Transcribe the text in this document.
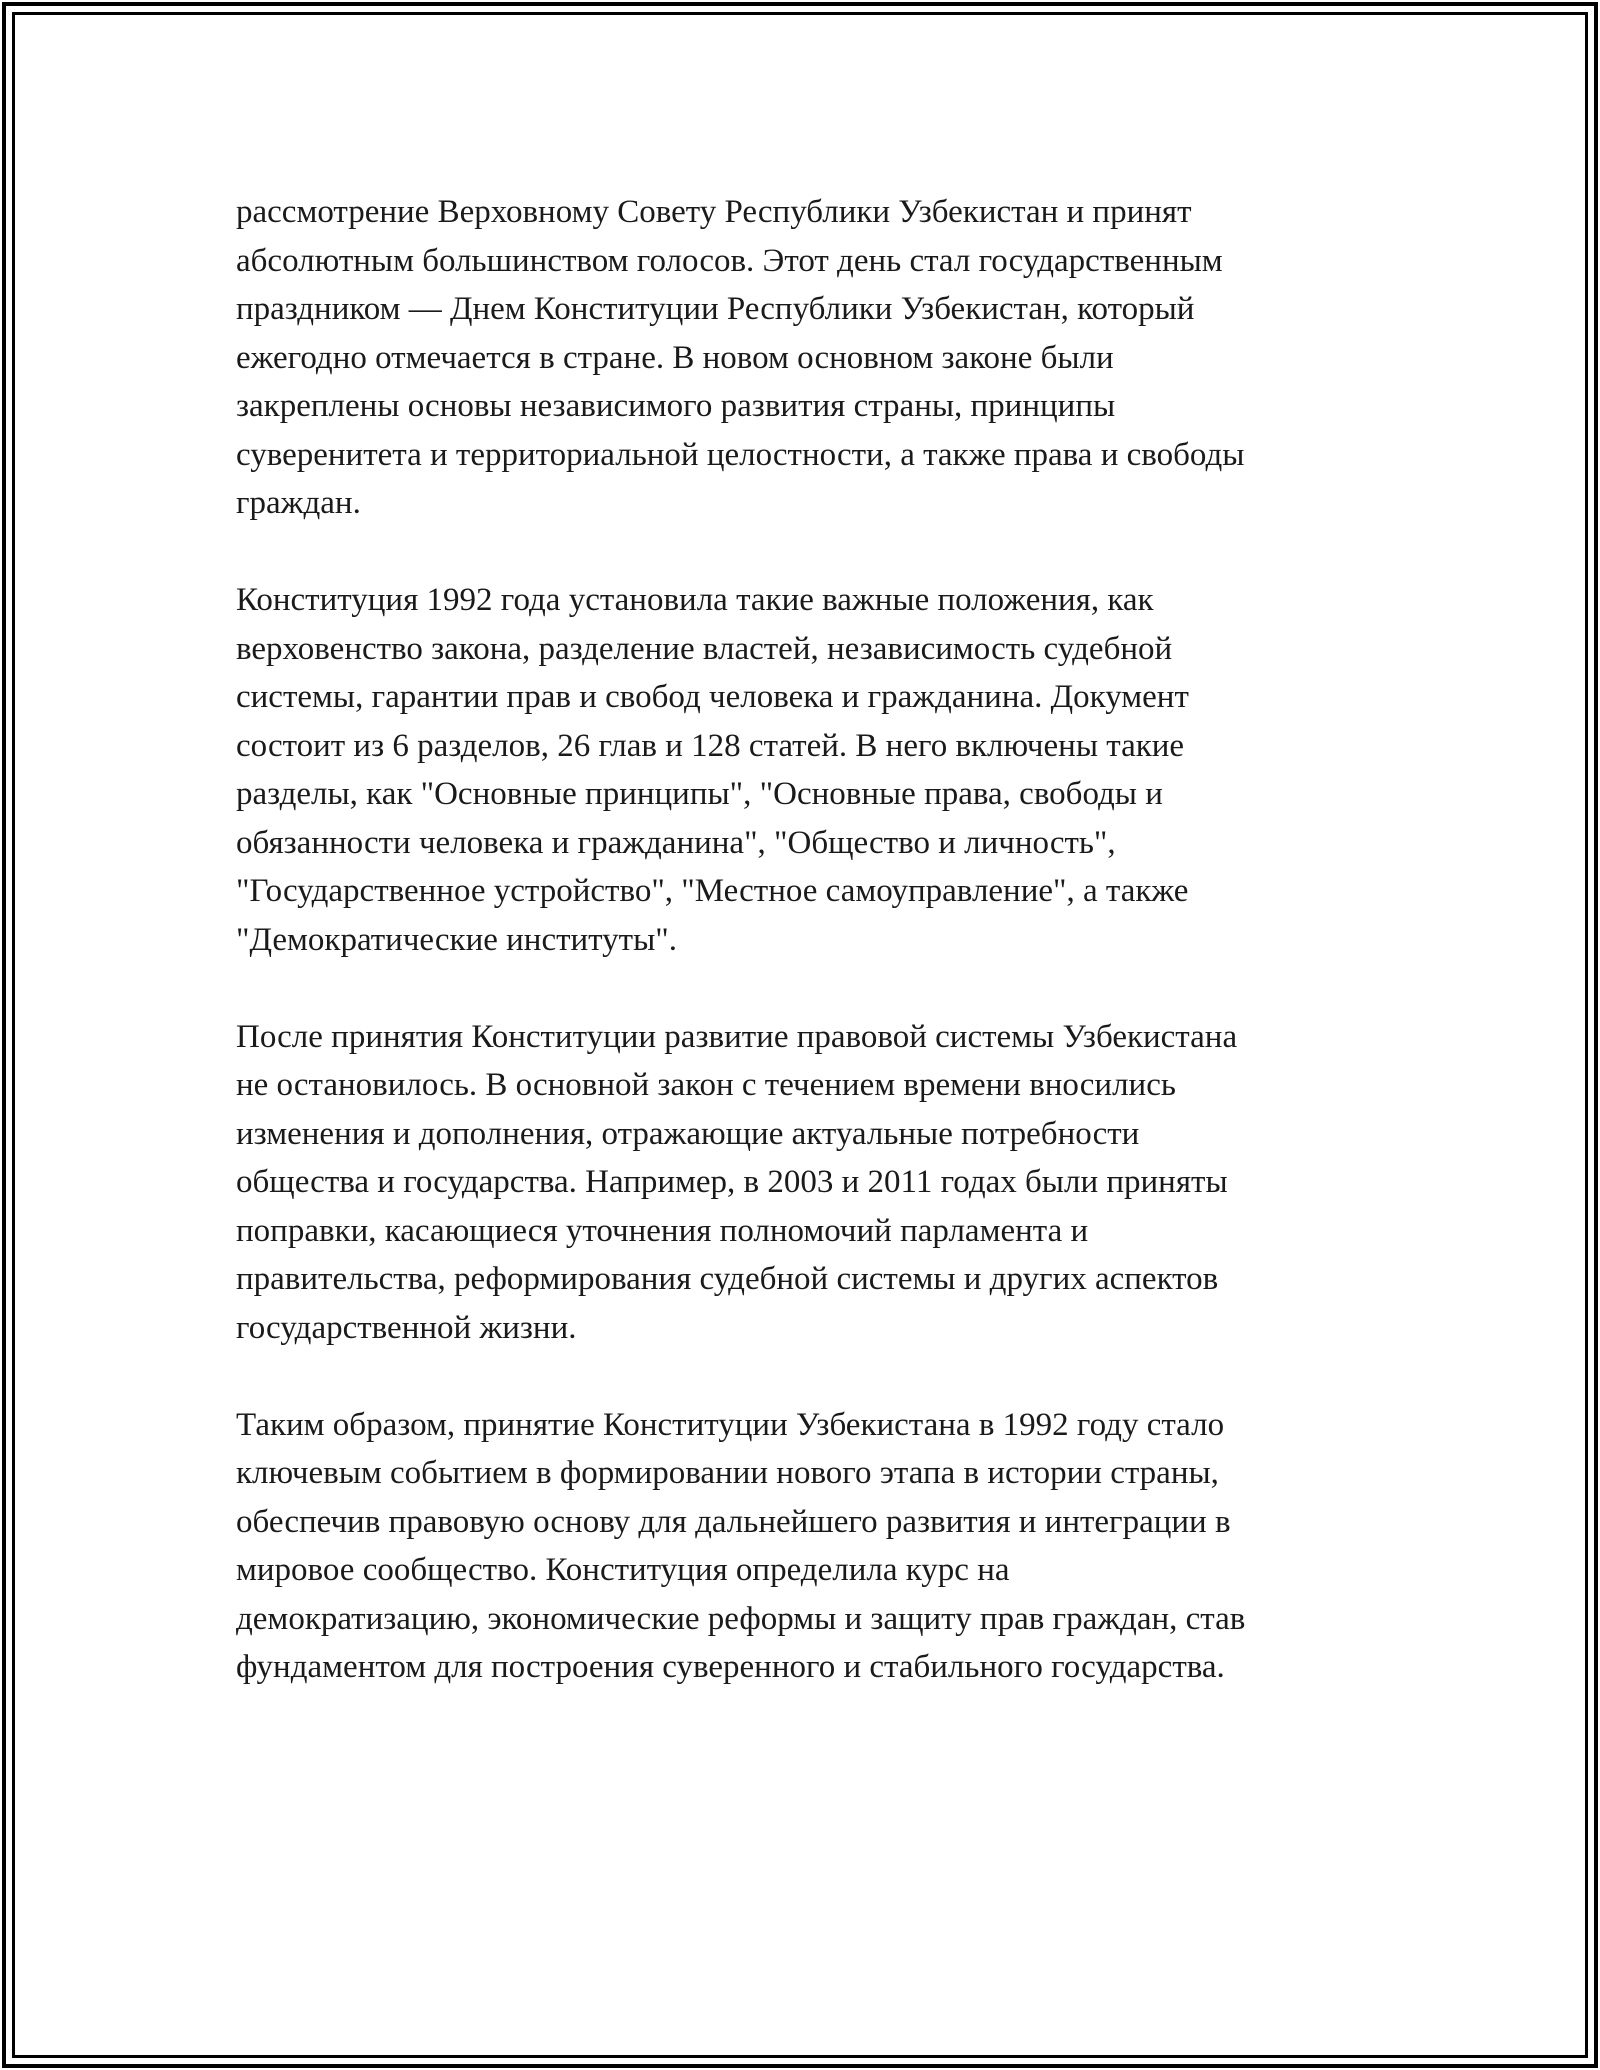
рассмотрение Верховному Совету Республики Узбекистан и принят
абсолютным большинством голосов. Этот день стал государственным
праздником — Днем Конституции Республики Узбекистан, который
ежегодно отмечается в стране. В новом основном законе были
закреплены основы независимого развития страны, принципы
суверенитета и территориальной целостности, а также права и свободы
граждан.

Конституция 1992 года установила такие важные положения, как
верховенство закона, разделение властей, независимость судебной
системы, гарантии прав и свобод человека и гражданина. Документ
состоит из 6 разделов, 26 глав и 128 статей. В него включены такие
разделы, как "Основные принципы", "Основные права, свободы и
обязанности человека и гражданина", "Общество и личность",
"Государственное устройство", "Местное самоуправление", а также
"Демократические институты".

После принятия Конституции развитие правовой системы Узбекистана
не остановилось. В основной закон с течением времени вносились
изменения и дополнения, отражающие актуальные потребности
общества и государства. Например, в 2003 и 2011 годах были приняты
поправки, касающиеся уточнения полномочий парламента и
правительства, реформирования судебной системы и других аспектов
государственной жизни.

Таким образом, принятие Конституции Узбекистана в 1992 году стало
ключевым событием в формировании нового этапа в истории страны,
обеспечив правовую основу для дальнейшего развития и интеграции в
мировое сообщество. Конституция определила курс на
демократизацию, экономические реформы и защиту прав граждан, став
фундаментом для построения суверенного и стабильного государства.
